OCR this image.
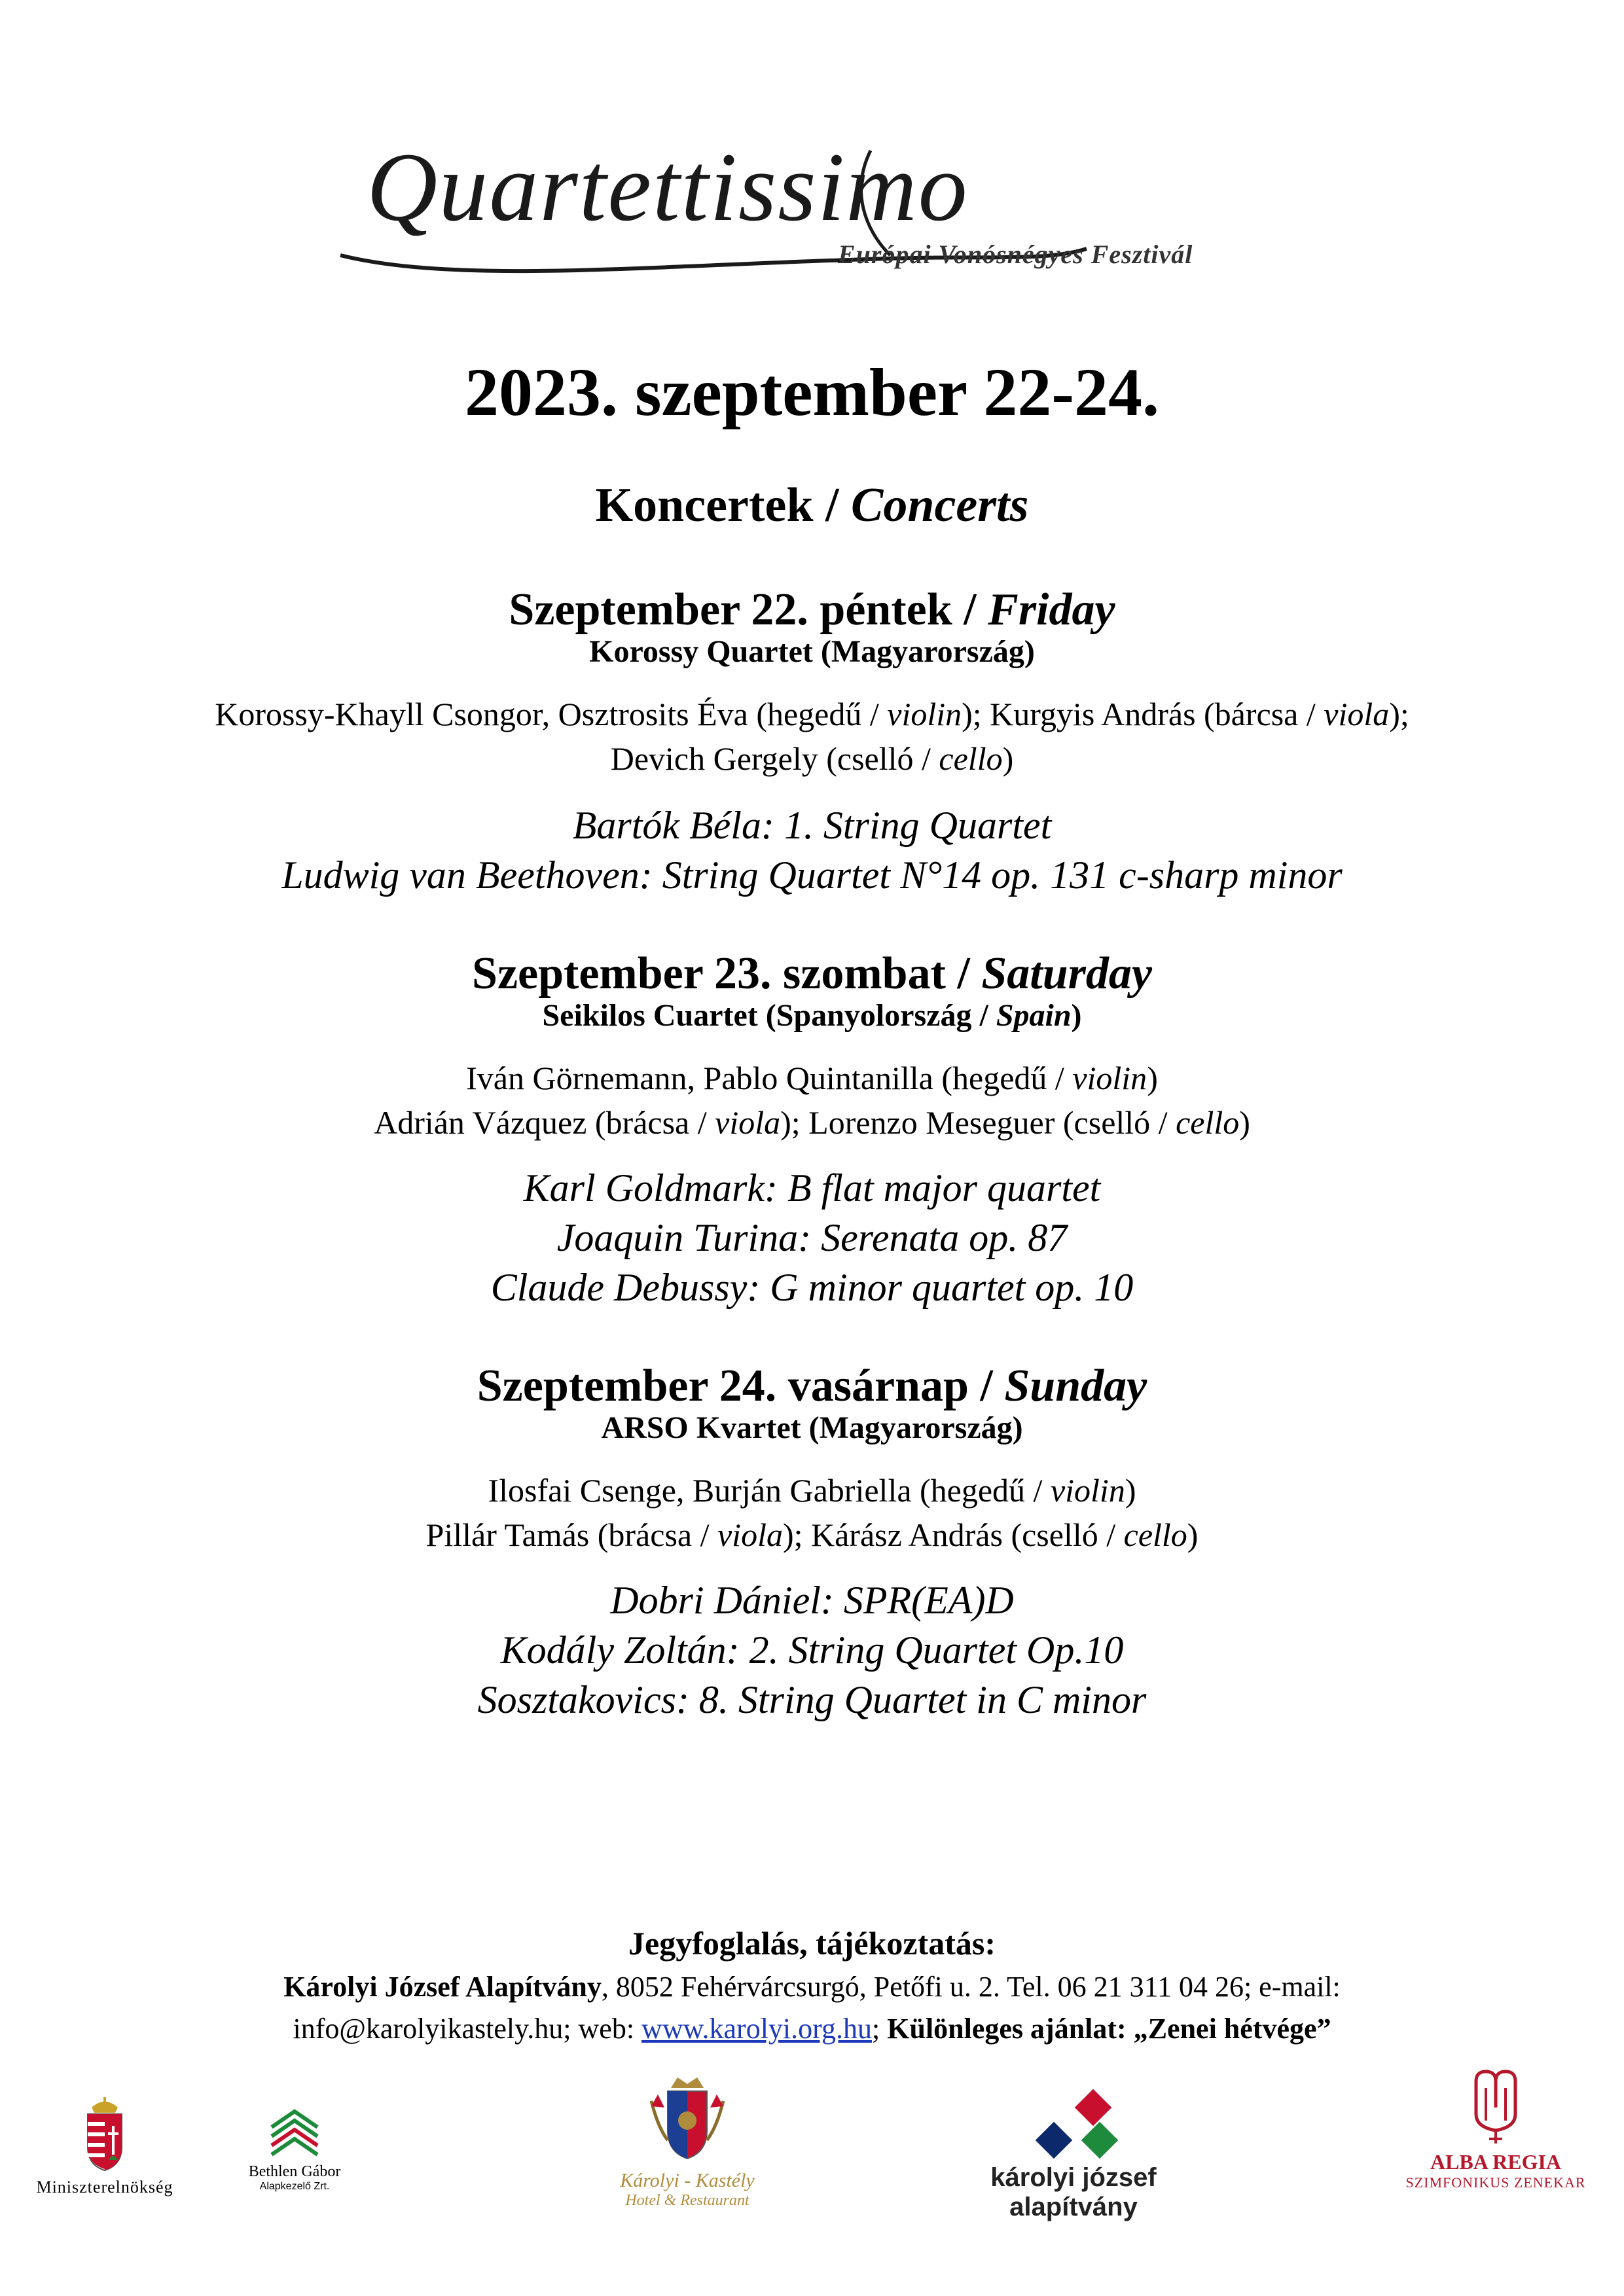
Quartettissimo
Európai Vonósnégyes Fesztivál
2023. szeptember 22-24.
Koncertek / Concerts
Szeptember 22. péntek / Friday
Korossy Quartet (Magyarország)
Korossy-Khayll Csongor, Osztrosits Éva (hegedű / violin); Kurgyis András (bárcsa / viola);
Devich Gergely (cselló / cello)
Bartók Béla: 1. String Quartet
Ludwig van Beethoven: String Quartet N°14 op. 131 c-sharp minor
Szeptember 23. szombat / Saturday
Seikilos Cuartet (Spanyolország / Spain)
Iván Görnemann, Pablo Quintanilla (hegedű / violin)
Adrián Vázquez (brácsa / viola); Lorenzo Meseguer (cselló / cello)
Karl Goldmark: B flat major quartet
Joaquin Turina: Serenata op. 87
Claude Debussy: G minor quartet op. 10
Szeptember 24. vasárnap / Sunday
ARSO Kvartet (Magyarország)
Ilosfai Csenge, Burján Gabriella (hegedű / violin)
Pillár Tamás (brácsa / viola); Kárász András (cselló / cello)
Dobri Dániel: SPR(EA)D
Kodály Zoltán: 2. String Quartet Op.10
Sosztakovics: 8. String Quartet in C minor
Jegyfoglalás, tájékoztatás:
Károlyi József Alapítvány, 8052 Fehérvárcsurgó, Petőfi u. 2. Tel. 06 21 311 04 26; e-mail:
info@karolyikastely.hu; web: www.karolyi.org.hu; Különleges ajánlat: „Zenei hétvége”
Miniszterelnökség
Bethlen Gábor
Alapkezelő Zrt.	Károlyi - Kastély
Hotel & Restaurant
károlyi józsef alapítvány
ALBA REGIA
SZIMFONIKUS ZENEKAR
